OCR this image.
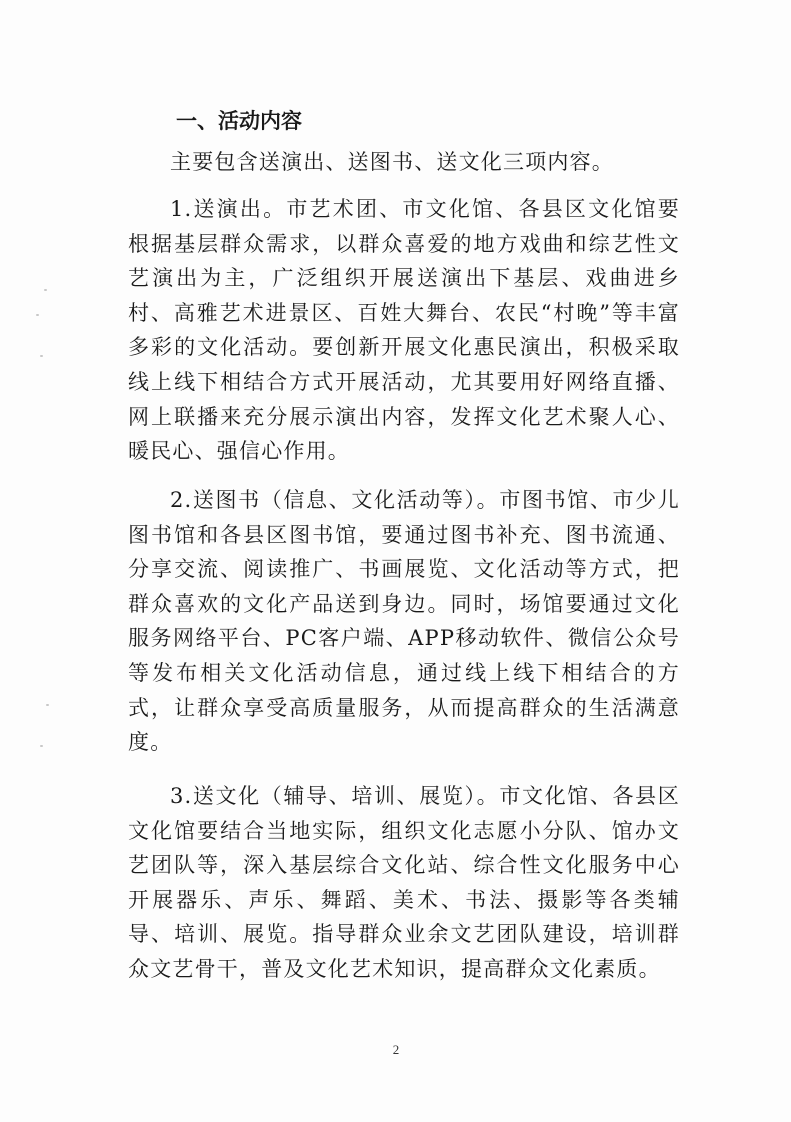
一、活动内容

主要包含送演出、送图书、送文化三项内容。

1.送演出。市艺术团、市文化馆、各县区文化馆要根据基层群众需求，以群众喜爱的地方戏曲和综艺性文艺演出为主，广泛组织开展送演出下基层、戏曲进乡村、高雅艺术进景区、百姓大舞台、农民“村晚”等丰富多彩的文化活动。要创新开展文化惠民演出，积极采取线上线下相结合方式开展活动，尤其要用好网络直播、网上联播来充分展示演出内容，发挥文化艺术聚人心、暖民心、强信心作用。

2.送图书（信息、文化活动等）。市图书馆、市少儿图书馆和各县区图书馆，要通过图书补充、图书流通、分享交流、阅读推广、书画展览、文化活动等方式，把群众喜欢的文化产品送到身边。同时，场馆要通过文化服务网络平台、PC客户端、APP移动软件、微信公众号等发布相关文化活动信息，通过线上线下相结合的方式，让群众享受高质量服务，从而提高群众的生活满意度。

3.送文化（辅导、培训、展览）。市文化馆、各县区文化馆要结合当地实际，组织文化志愿小分队、馆办文艺团队等，深入基层综合文化站、综合性文化服务中心开展器乐、声乐、舞蹈、美术、书法、摄影等各类辅导、培训、展览。指导群众业余文艺团队建设，培训群众文艺骨干，普及文化艺术知识，提高群众文化素质。

2
